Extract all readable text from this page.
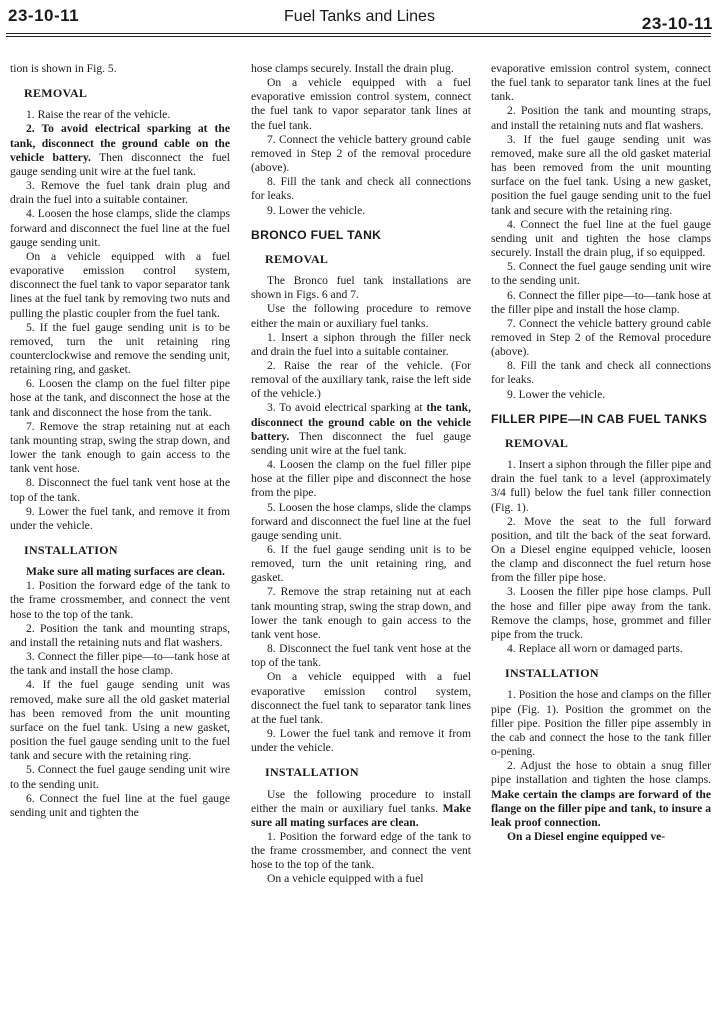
23-10-11	Fuel Tanks and Lines	23-10-11

tion is shown in Fig. 5.

REMOVAL

1. Raise the rear of the vehicle.

2. To avoid electrical sparking at the tank, disconnect the ground cable on the vehicle battery. Then disconnect the fuel gauge sending unit wire at the fuel tank.

3. Remove the fuel tank drain plug and drain the fuel into a suitable container.

4. Loosen the hose clamps, slide the clamps forward and disconnect the fuel line at the fuel gauge sending unit.

On a vehicle equipped with a fuel evaporative emission control system, disconnect the fuel tank to vapor separator tank lines at the fuel tank by removing two nuts and pulling the plastic coupler from the fuel tank.

5. If the fuel gauge sending unit is to be removed, turn the unit retaining ring counterclockwise and remove the sending unit, retaining ring, and gasket.

6. Loosen the clamp on the fuel filter pipe hose at the tank, and disconnect the hose at the tank and disconnect the hose from the tank.

7. Remove the strap retaining nut at each tank mounting strap, swing the strap down, and lower the tank enough to gain access to the tank vent hose.

8. Disconnect the fuel tank vent hose at the top of the tank.

9. Lower the fuel tank, and remove it from under the vehicle.

INSTALLATION

Make sure all mating surfaces are clean.

1. Position the forward edge of the tank to the frame crossmember, and connect the vent hose to the top of the tank.

2. Position the tank and mounting straps, and install the retaining nuts and flat washers.

3. Connect the filler pipe—to—tank hose at the tank and install the hose clamp.

4. If the fuel gauge sending unit was removed, make sure all the old gasket material has been removed from the unit mounting surface on the fuel tank. Using a new gasket, position the fuel gauge sending unit to the fuel tank and secure with the retaining ring.

5. Connect the fuel gauge sending unit wire to the sending unit.

6. Connect the fuel line at the fuel gauge sending unit and tighten the

hose clamps securely. Install the drain plug.

On a vehicle equipped with a fuel evaporative emission control system, connect the fuel tank to vapor separator tank lines at the fuel tank.

7. Connect the vehicle battery ground cable removed in Step 2 of the removal procedure (above).

8. Fill the tank and check all connections for leaks.

9. Lower the vehicle.

BRONCO FUEL TANK
REMOVAL

The Bronco fuel tank installations are shown in Figs. 6 and 7.

Use the following procedure to remove either the main or auxiliary fuel tanks.

1. Insert a siphon through the filler neck and drain the fuel into a suitable container.

2. Raise the rear of the vehicle. (For removal of the auxiliary tank, raise the left side of the vehicle.)

3. To avoid electrical sparking at the tank, disconnect the ground cable on the vehicle battery. Then disconnect the fuel gauge sending unit wire at the fuel tank.

4. Loosen the clamp on the fuel filler pipe hose at the filler pipe and disconnect the hose from the pipe.

5. Loosen the hose clamps, slide the clamps forward and disconnect the fuel line at the fuel gauge sending unit.

6. If the fuel gauge sending unit is to be removed, turn the unit retaining ring, and gasket.

7. Remove the strap retaining nut at each tank mounting strap, swing the strap down, and lower the tank enough to gain access to the tank vent hose.

8. Disconnect the fuel tank vent hose at the top of the tank.

On a vehicle equipped with a fuel evaporative emission control system, disconnect the fuel tank to separator tank lines at the fuel tank.

9. Lower the fuel tank and remove it from under the vehicle.

INSTALLATION

Use the following procedure to install either the main or auxiliary fuel tanks. Make sure all mating surfaces are clean.

1. Position the forward edge of the tank to the frame crossmember, and connect the vent hose to the top of the tank.

On a vehicle equipped with a fuel

evaporative emission control system, connect the fuel tank to separator tank lines at the fuel tank.

2. Position the tank and mounting straps, and install the retaining nuts and flat washers.

3. If the fuel gauge sending unit was removed, make sure all the old gasket material has been removed from the unit mounting surface on the fuel tank. Using a new gasket, position the fuel gauge sending unit to the fuel tank and secure with the retaining ring.

4. Connect the fuel line at the fuel gauge sending unit and tighten the hose clamps securely. Install the drain plug, if so equipped.

5. Connect the fuel gauge sending unit wire to the sending unit.

6. Connect the filler pipe—to—tank hose at the filler pipe and install the hose clamp.

7. Connect the vehicle battery ground cable removed in Step 2 of the Removal procedure (above).

8. Fill the tank and check all connections for leaks.

9. Lower the vehicle.

FILLER PIPE—IN CAB FUEL TANKS
REMOVAL

1. Insert a siphon through the filler pipe and drain the fuel tank to a level (approximately 3/4 full) below the fuel tank filler connection (Fig. 1).

2. Move the seat to the full forward position, and tilt the back of the seat forward. On a Diesel engine equipped vehicle, loosen the clamp and disconnect the fuel return hose from the filler pipe hose.

3. Loosen the filler pipe hose clamps. Pull the hose and filler pipe away from the tank. Remove the clamps, hose, grommet and filler pipe from the truck.

4. Replace all worn or damaged parts.

INSTALLATION

1. Position the hose and clamps on the filler pipe (Fig. 1). Position the grommet on the filler pipe. Position the filler pipe assembly in the cab and connect the hose to the tank filler o-pening.

2. Adjust the hose to obtain a snug filler pipe installation and tighten the hose clamps. Make certain the clamps are forward of the flange on the filler pipe and tank, to insure a leak proof connection.

On a Diesel engine equipped ve-
